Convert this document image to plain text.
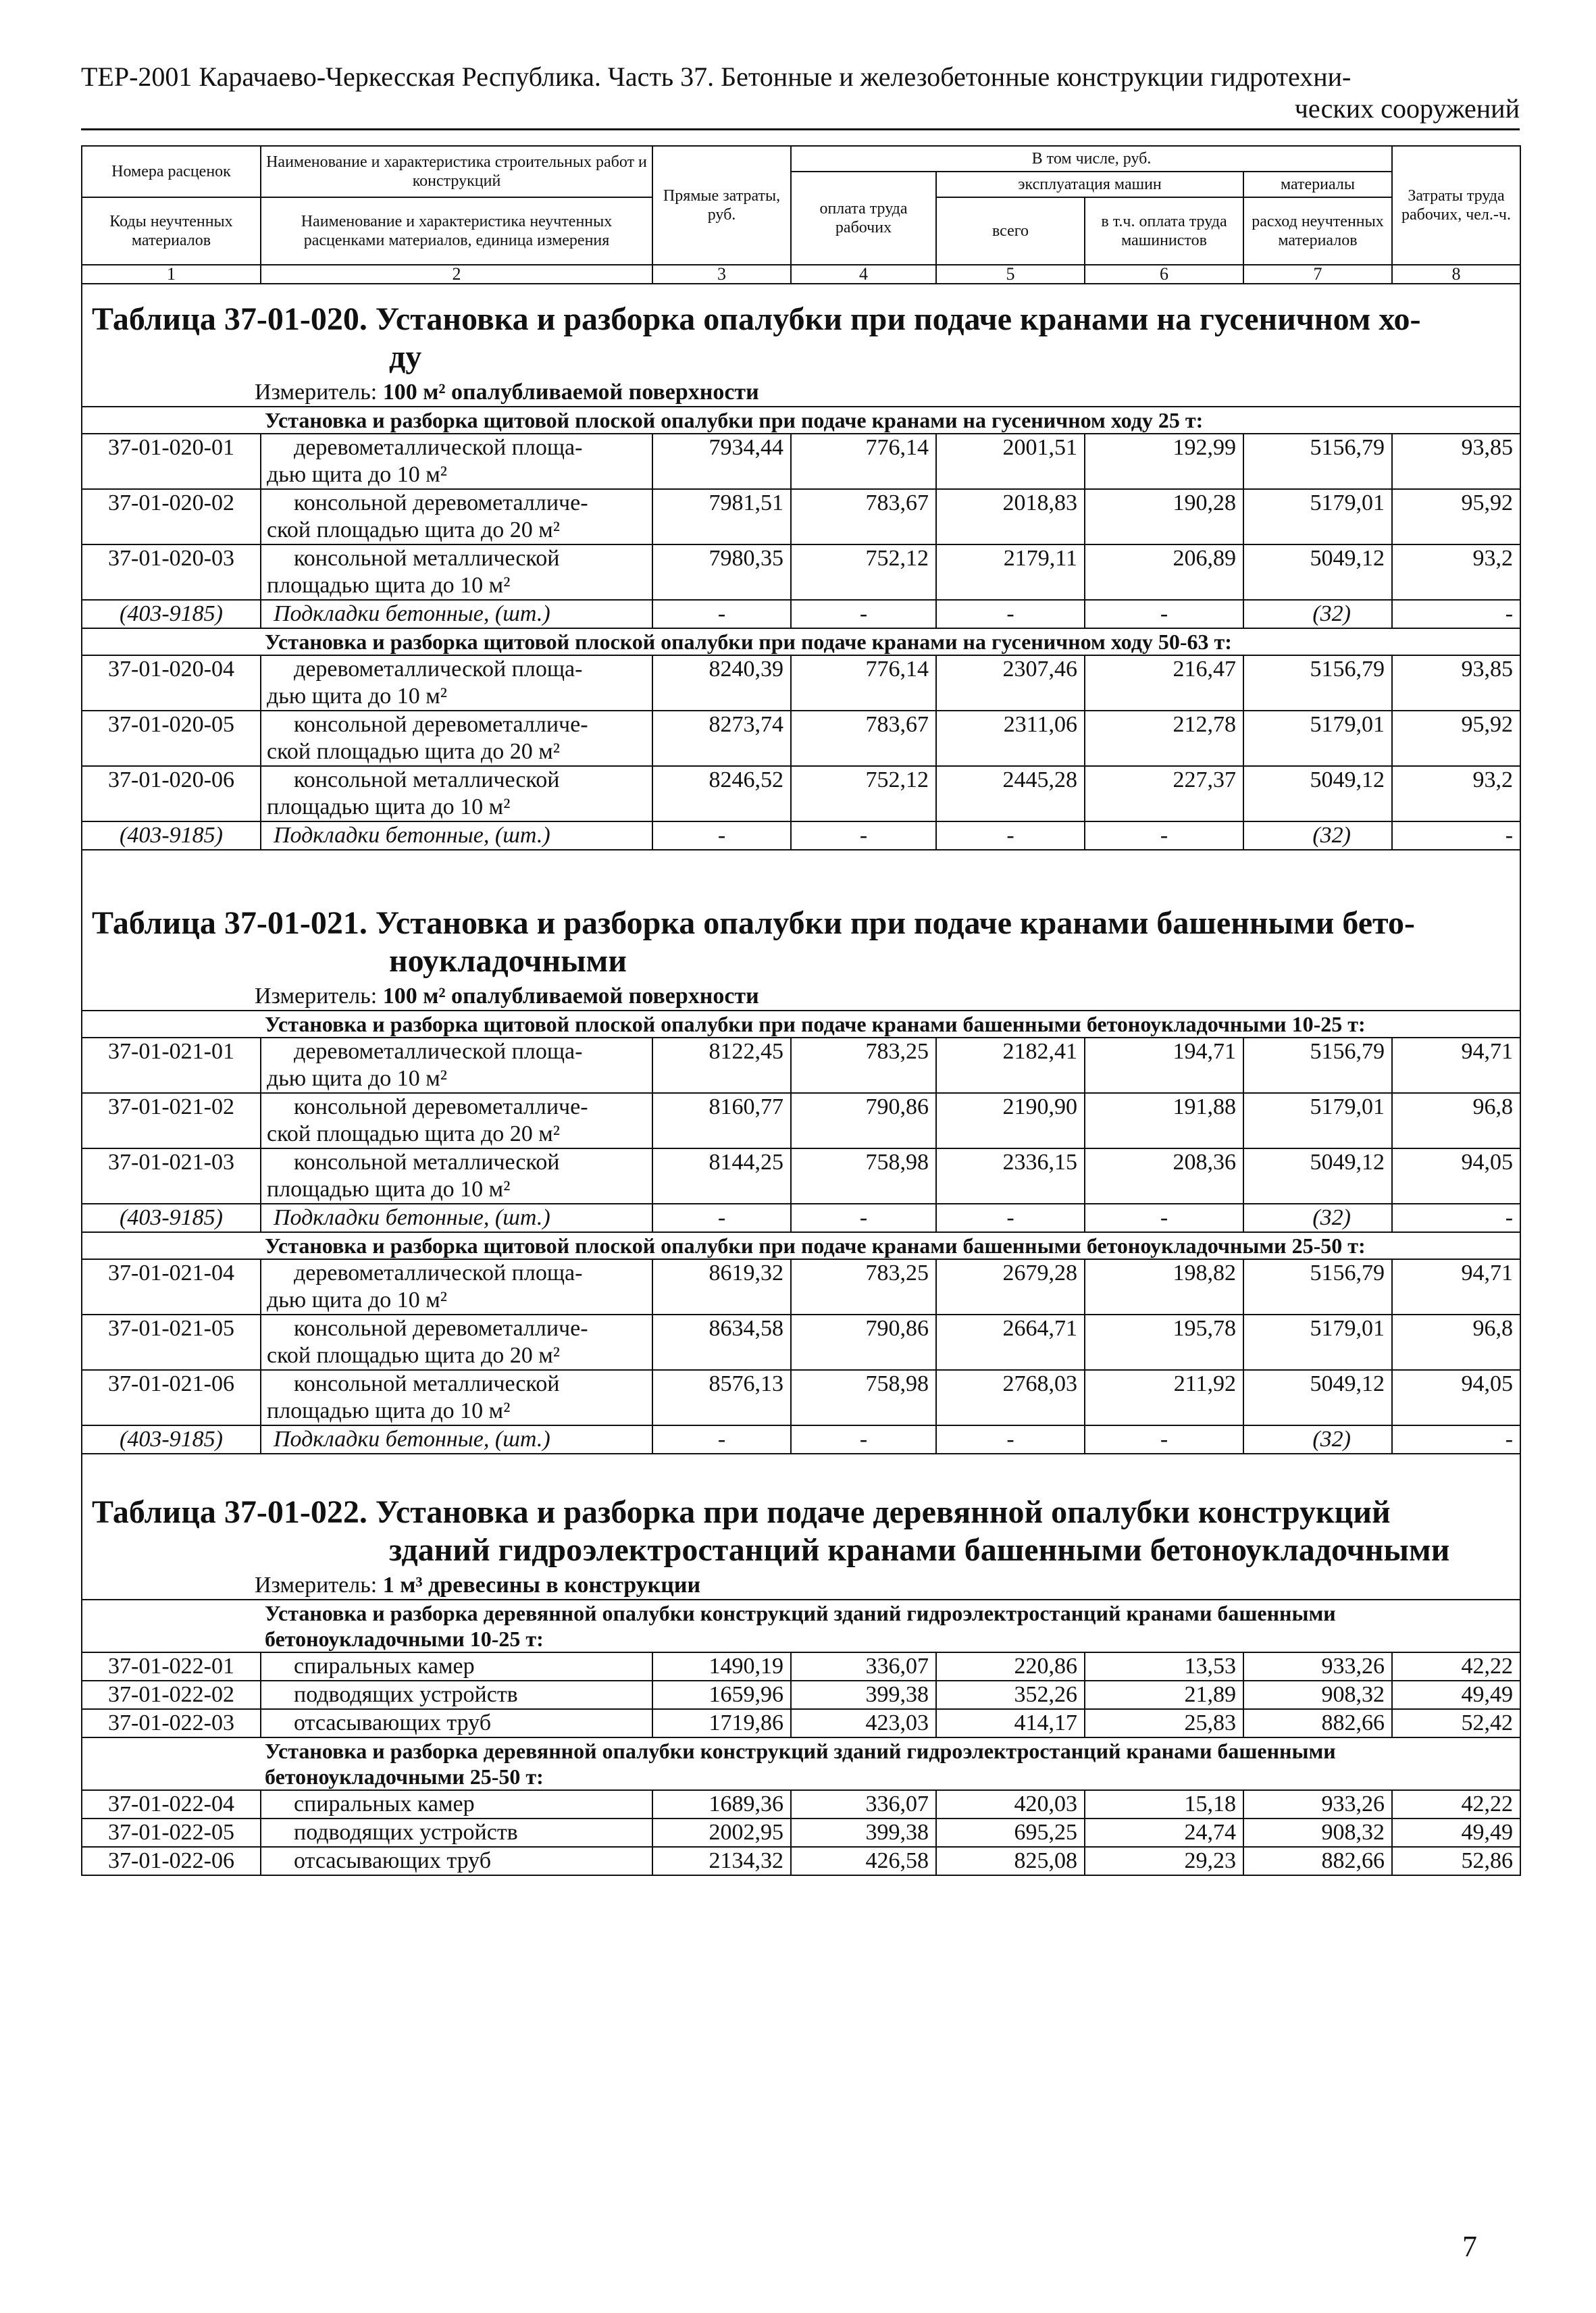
ТЕР-2001 Карачаево-Черкесская Республика. Часть 37. Бетонные и железобетонные конструкции гидротехни-
ческих сооружений
Номера расценок	Наименование и характеристика строительных работ и конструкций	Прямые затраты, руб.	В том числе, руб.				Затраты труда рабочих, чел.-ч.
			оплата труда рабочих	эксплуатация машин		материалы	
Коды неучтенных материалов	Наименование и характеристика неучтенных расценками материалов, единица измерения			всего	в т.ч. оплата труда машинистов	расход неучтенных материалов	

1	2	3	4	5	6	7	8
Таблица 37-01-020. Установка и разборка опалубки при подаче кранами на гусеничном хо-
ду							

Измеритель: 100 м² опалубливаемой поверхности							
Установка и разборка щитовой плоской опалубки при подаче кранами на гусеничном ходу 25 т:							
37-01-020-01	деревометаллической площа-
дью щита до 10 м²	7934,44	776,14	2001,51	192,99	5156,79	93,85
37-01-020-02	консольной деревометалличе-
ской площадью щита до 20 м²	7981,51	783,67	2018,83	190,28	5179,01	95,92
37-01-020-03	консольной металлической
площадью щита до 10 м²	7980,35	752,12	2179,11	206,89	5049,12	93,2
(403-9185)	Подкладки бетонные, (шт.)	-	-	-	-	(32)	-
Установка и разборка щитовой плоской опалубки при подаче кранами на гусеничном ходу 50-63 т:							
37-01-020-04	деревометаллической площа-
дью щита до 10 м²	8240,39	776,14	2307,46	216,47	5156,79	93,85
37-01-020-05	консольной деревометалличе-
ской площадью щита до 20 м²	8273,74	783,67	2311,06	212,78	5179,01	95,92
37-01-020-06	консольной металлической
площадью щита до 10 м²	8246,52	752,12	2445,28	227,37	5049,12	93,2
(403-9185)	Подкладки бетонные, (шт.)	-	-	-	-	(32)	-

Таблица 37-01-021. Установка и разборка опалубки при подаче кранами башенными бето-
ноукладочными							

Измеритель: 100 м² опалубливаемой поверхности							
Установка и разборка щитовой плоской опалубки при подаче кранами башенными бетоноукладочными 10-25 т:							
37-01-021-01	деревометаллической площа-
дью щита до 10 м²	8122,45	783,25	2182,41	194,71	5156,79	94,71
37-01-021-02	консольной деревометалличе-
ской площадью щита до 20 м²	8160,77	790,86	2190,90	191,88	5179,01	96,8
37-01-021-03	консольной металлической
площадью щита до 10 м²	8144,25	758,98	2336,15	208,36	5049,12	94,05
(403-9185)	Подкладки бетонные, (шт.)	-	-	-	-	(32)	-
Установка и разборка щитовой плоской опалубки при подаче кранами башенными бетоноукладочными 25-50 т:							
37-01-021-04	деревометаллической площа-
дью щита до 10 м²	8619,32	783,25	2679,28	198,82	5156,79	94,71
37-01-021-05	консольной деревометалличе-
ской площадью щита до 20 м²	8634,58	790,86	2664,71	195,78	5179,01	96,8
37-01-021-06	консольной металлической
площадью щита до 10 м²	8576,13	758,98	2768,03	211,92	5049,12	94,05
(403-9185)	Подкладки бетонные, (шт.)	-	-	-	-	(32)	-

Таблица 37-01-022. Установка и разборка при подаче деревянной опалубки конструкций
зданий гидроэлектростанций кранами башенными бетоноукладочными							

Измеритель: 1 м³ древесины в конструкции							
Установка и разборка деревянной опалубки конструкций зданий гидроэлектростанций кранами башенными бетоноукладочными 10-25 т:							
37-01-022-01	спиральных камер	1490,19	336,07	220,86	13,53	933,26	42,22
37-01-022-02	подводящих устройств	1659,96	399,38	352,26	21,89	908,32	49,49
37-01-022-03	отсасывающих труб	1719,86	423,03	414,17	25,83	882,66	52,42
Установка и разборка деревянной опалубки конструкций зданий гидроэлектростанций кранами башенными бетоноукладочными 25-50 т:							
37-01-022-04	спиральных камер	1689,36	336,07	420,03	15,18	933,26	42,22
37-01-022-05	подводящих устройств	2002,95	399,38	695,25	24,74	908,32	49,49
37-01-022-06	отсасывающих труб	2134,32	426,58	825,08	29,23	882,66	52,86
7
